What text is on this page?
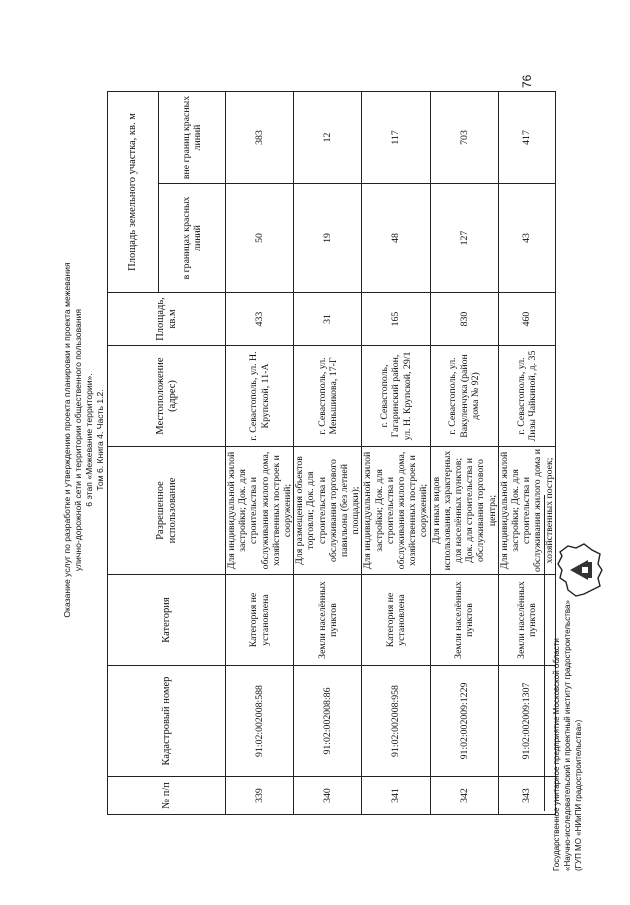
Оказание услуг по разработке и утверждению проекта планировки и проекта межевания улично-дорожной сети и территории общественного пользования 6 этап «Межевание территории». Том 6. Книга 4. Часть 1.2.
№ п/п	Кадастровый номер	Категория	Разрешенное использование	Местоположение (адрес)	Площадь, кв.м	Площадь земельного участка, кв. м	
						в границах красных линий	вне границ красных линий
339	91:02:002008:588	Категория не установлена	Для индивидуальной жилой застройки; Док. для строительства и обслуживания жилого дома, хозяйственных построек и сооружений;	г. Севастополь, ул. Н. Крупской, 11-А	433	50	383
340	91:02:002008:86	Земли населённых пунктов	Для размещения объектов торговли; Док. для строительства и обслуживания торгового павильона (без летней площадки);	г. Севастополь, ул. Меньшикова, 17-Г	31	19	12
341	91:02:002008:958	Категория не установлена	Для индивидуальной жилой застройки; Док. для строительства и обслуживания жилого дома, хозяйственных построек и сооружений;	г. Севастополь, Гагаринский район, ул. Н. Крупской, 29/1	165	48	117
342	91:02:002009:1229	Земли населённых пунктов	Для иных видов использования, характерных для населённых пунктов; Док. для строительства и обслуживания торгового центра;	г. Севастополь, ул. Вакуленчука (район дома № 92)	830	127	703
343	91:02:002009:1307	Земли населённых пунктов	Для индивидуальной жилой застройки; Док. для строительства и обслуживания жилого дома и хозяйственных построек;	г. Севастополь, ул. Лизы Чайкиной, д. 35	460	43	417
Государственное унитарное предприятие Московской области «Научно-исследовательский и проектный институт градостроительства» (ГУП МО «НИиПИ градостроительства»)
76
